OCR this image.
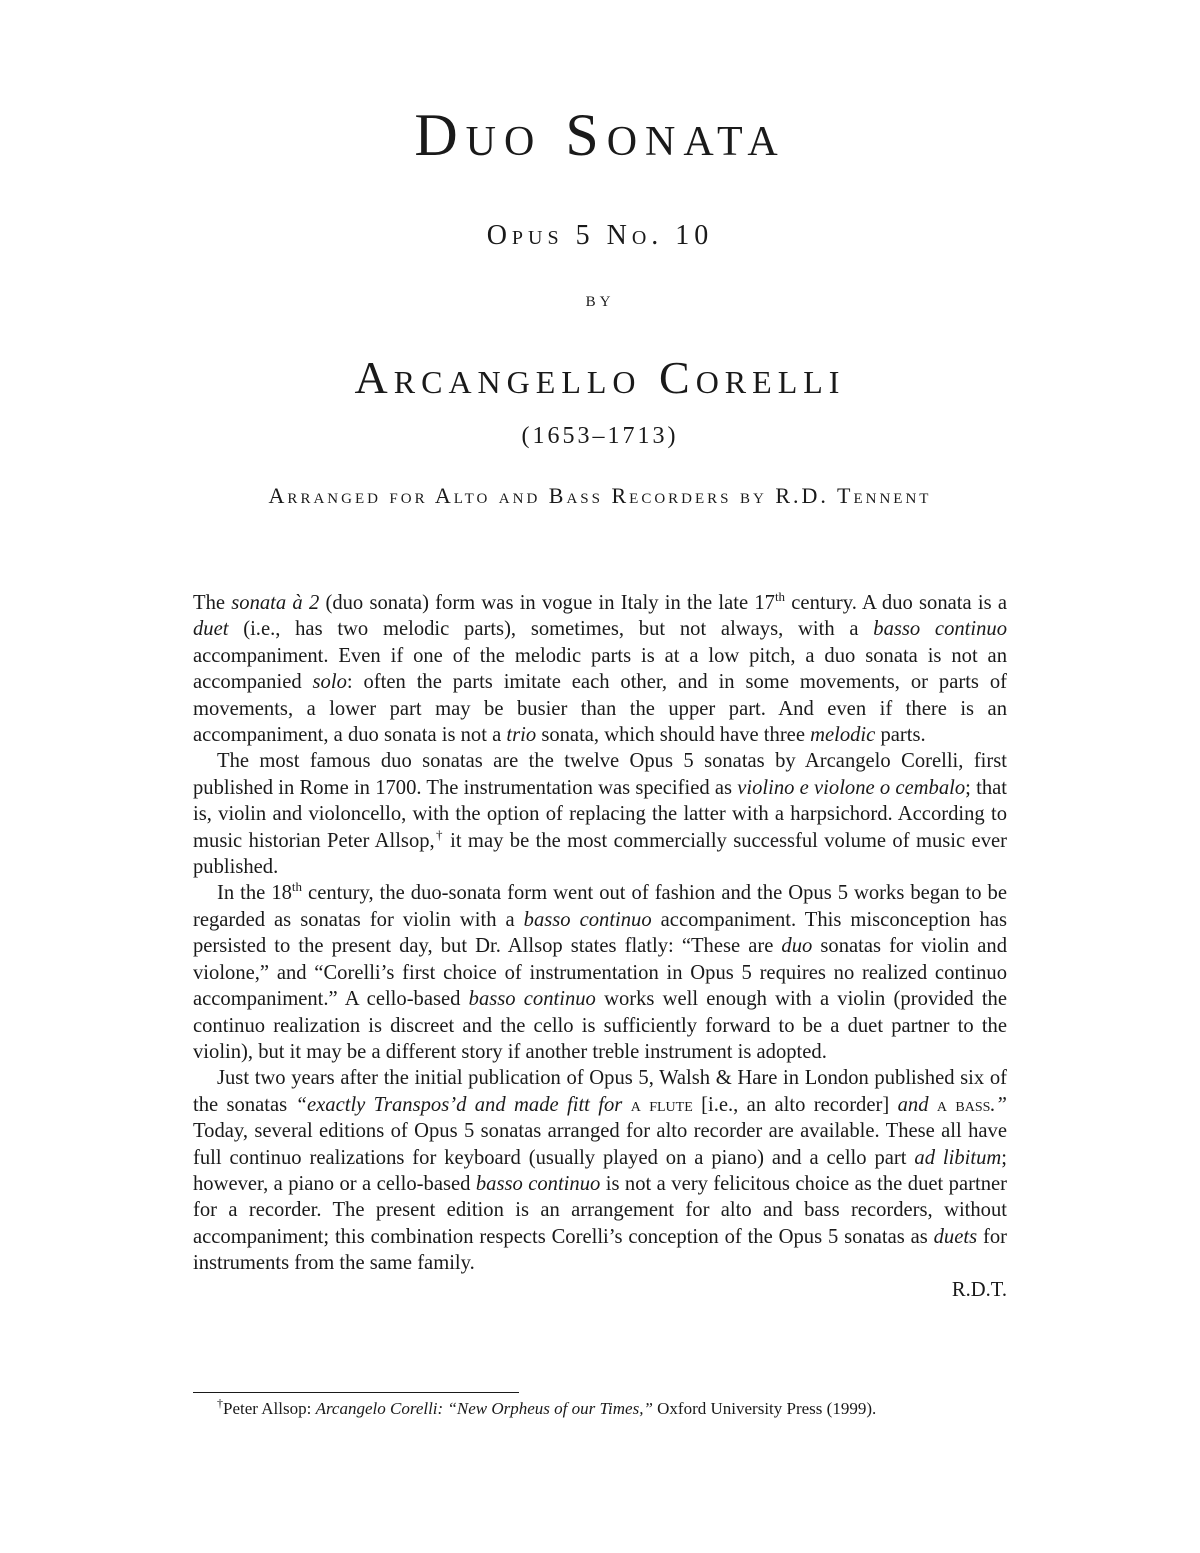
Duo Sonata
Opus 5 No. 10
by
Arcangello Corelli
(1653–1713)
Arranged for Alto and Bass Recorders by R.D. Tennent

The sonata à 2 (duo sonata) form was in vogue in Italy in the late 17th century. A duo sonata is a duet (i.e., has two melodic parts), sometimes, but not always, with a basso continuo accompaniment. Even if one of the melodic parts is at a low pitch, a duo sonata is not an accompanied solo: often the parts imitate each other, and in some movements, or parts of movements, a lower part may be busier than the upper part. And even if there is an accompaniment, a duo sonata is not a trio sonata, which should have three melodic parts.

The most famous duo sonatas are the twelve Opus 5 sonatas by Arcangelo Corelli, first published in Rome in 1700. The instrumentation was specified as violino e violone o cembalo; that is, violin and violoncello, with the option of replacing the latter with a harpsichord. According to music historian Peter Allsop,† it may be the most commercially successful volume of music ever published.

In the 18th century, the duo-sonata form went out of fashion and the Opus 5 works began to be regarded as sonatas for violin with a basso continuo accompaniment. This misconception has persisted to the present day, but Dr. Allsop states flatly: “These are duo sonatas for violin and violone,” and “Corelli’s first choice of instrumentation in Opus 5 requires no realized continuo accompaniment.” A cello-based basso continuo works well enough with a violin (provided the continuo realization is discreet and the cello is sufficiently forward to be a duet partner to the violin), but it may be a different story if another treble instrument is adopted.

Just two years after the initial publication of Opus 5, Walsh & Hare in London published six of the sonatas “exactly Transpos’d and made fitt for a flute [i.e., an alto recorder] and a bass.” Today, several editions of Opus 5 sonatas arranged for alto recorder are available. These all have full continuo realizations for keyboard (usually played on a piano) and a cello part ad libitum; however, a piano or a cello-based basso continuo is not a very felicitous choice as the duet partner for a recorder. The present edition is an arrangement for alto and bass recorders, without accompaniment; this combination respects Corelli’s conception of the Opus 5 sonatas as duets for instruments from the same family.

R.D.T.

†Peter Allsop: Arcangelo Corelli: “New Orpheus of our Times,” Oxford University Press (1999).
